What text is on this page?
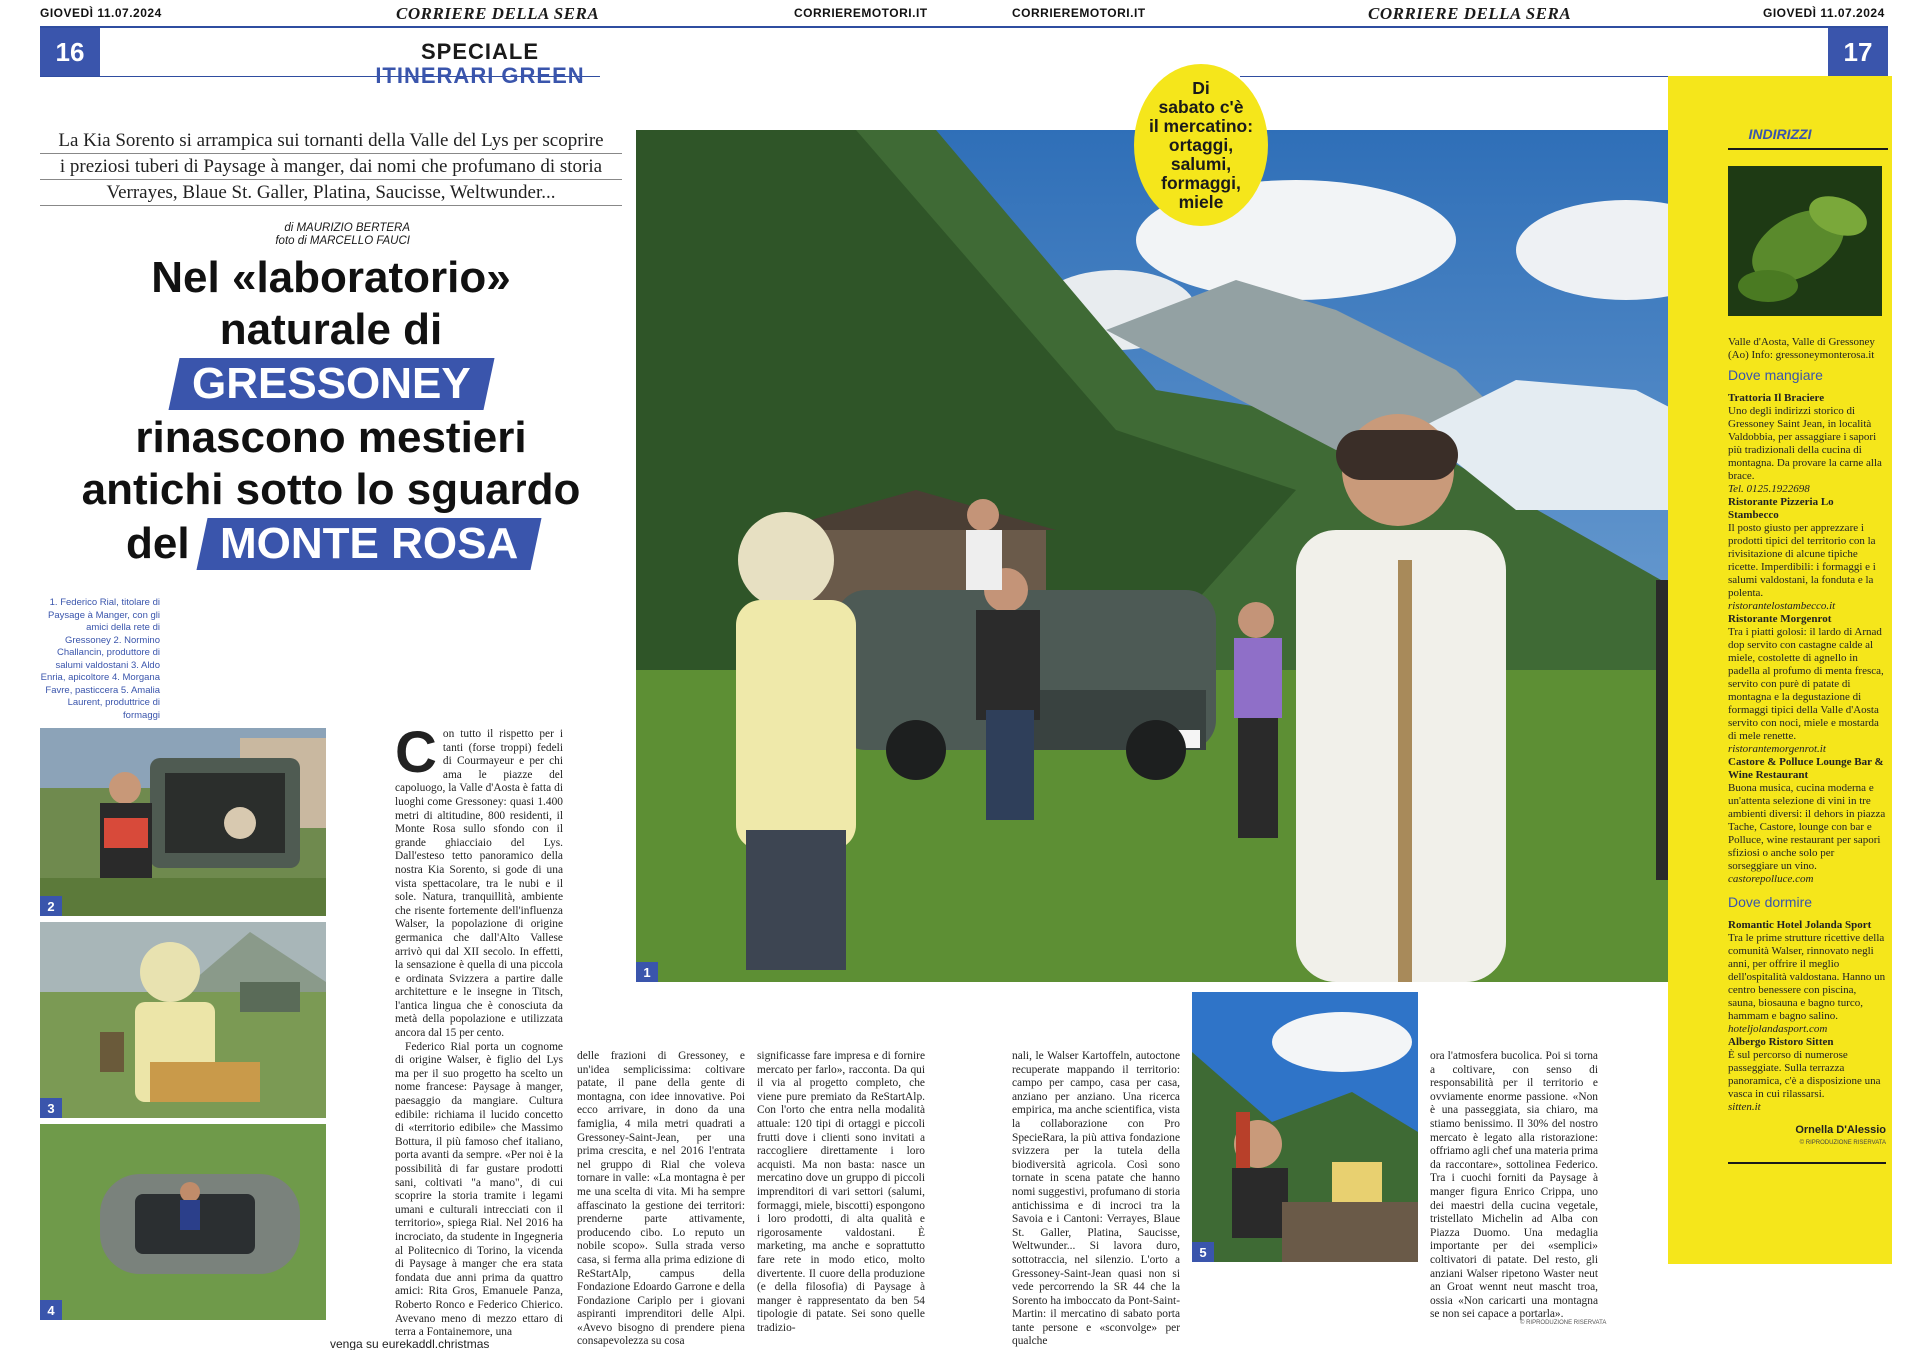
GIOVEDÌ 11.07.2024	CORRIERE DELLA SERA	CORRIEREMOTORI.IT	CORRIEREMOTORI.IT	CORRIERE DELLA SERA	GIOVEDÌ 11.07.2024
16	17
SPECIALE
ITINERARI GREEN
La Kia Sorento si arrampica sui tornanti della Valle del Lys per scoprire
i preziosi tuberi di Paysage à manger, dai nomi che profumano di storia
Verrayes, Blaue St. Galler, Platina, Saucisse, Weltwunder...
di MAURIZIO BERTERA
foto di MARCELLO FAUCI
Nel «laboratorio»
naturale di
GRESSONEY
rinascono mestieri
antichi sotto lo sguardo
del MONTE ROSA
1. Federico Rial, titolare di Paysage à Manger, con gli amici della rete di Gressoney 2. Normino Challancin, produttore di salumi valdostani 3. Aldo Enria, apicoltore 4. Morgana Favre, pasticcera 5. Amalia Laurent, produttrice di formaggi
2
3
4
1
Di
sabato c'è
il mercatino:
ortaggi,
salumi,
formaggi,
miele
C on tutto il rispetto per i tanti (forse troppi) fedeli di Courmayeur e per chi ama le piazze del capoluogo, la Valle d'Aosta è fatta di luoghi come Gressoney: quasi 1.400 metri di altitudine, 800 residenti, il Monte Rosa sullo sfondo con il grande ghiacciaio del Lys. Dall'esteso tetto panoramico della nostra Kia Sorento, si gode di una vista spettacolare, tra le nubi e il sole. Natura, tranquillità, ambiente che risente fortemente dell'influenza Walser, la popolazione di origine germanica che dall'Alto Vallese arrivò qui dal XII secolo. In effetti, la sensazione è quella di una piccola e ordinata Svizzera a partire dalle architetture e le insegne in Titsch, l'antica lingua che è conosciuta da metà della popolazione e utilizzata ancora dal 15 per cento.

Federico Rial porta un cognome di origine Walser, è figlio del Lys ma per il suo progetto ha scelto un nome francese: Paysage à manger, paesaggio da mangiare. Cultura edibile: richiama il lucido concetto di «territorio edibile» che Massimo Bottura, il più famoso chef italiano, porta avanti da sempre. «Per noi è la possibilità di far gustare prodotti sani, coltivati "a mano", di cui scoprire la storia tramite i legami umani e culturali intrecciati con il territorio», spiega Rial. Nel 2016 ha incrociato, da studente in Ingegneria al Politecnico di Torino, la vicenda di Paysage à manger che era stata fondata due anni prima da quattro amici: Rita Gros, Emanuele Panza, Roberto Ronco e Federico Chierico. Avevano meno di mezzo ettaro di terra a Fontainemore, una

delle frazioni di Gressoney, e un'idea semplicissima: coltivare patate, il pane della gente di montagna, con idee innovative. Poi ecco arrivare, in dono da una famiglia, 4 mila metri quadrati a Gressoney-Saint-Jean, per una prima crescita, e nel 2016 l'entrata nel gruppo di Rial che voleva tornare in valle: «La montagna è per me una scelta di vita. Mi ha sempre affascinato la gestione dei territori: prenderne parte attivamente, producendo cibo. Lo reputo un nobile scopo». Sulla strada verso casa, si ferma alla prima edizione di ReStartAlp, campus della Fondazione Edoardo Garrone e della Fondazione Cariplo per i giovani aspiranti imprenditori delle Alpi. «Avevo bisogno di prendere piena consapevolezza su cosa

significasse fare impresa e di fornire mercato per farlo», racconta. Da qui il via al progetto completo, che viene pure premiato da ReStartAlp. Con l'orto che entra nella modalità attuale: 120 tipi di ortaggi e piccoli frutti dove i clienti sono invitati a raccogliere direttamente i loro acquisti. Ma non basta: nasce un mercatino dove un gruppo di piccoli imprenditori di vari settori (salumi, formaggi, miele, biscotti) espongono i loro prodotti, di alta qualità e rigorosamente valdostani. È marketing, ma anche e soprattutto fare rete in modo etico, molto divertente. Il cuore della produzione (e della filosofia) di Paysage à manger è rappresentato da ben 54 tipologie di patate. Sei sono quelle tradizio-

nali, le Walser Kartoffeln, autoctone recuperate mappando il territorio: campo per campo, casa per casa, anziano per anziano. Una ricerca empirica, ma anche scientifica, vista la collaborazione con Pro SpecieRara, la più attiva fondazione svizzera per la tutela della biodiversità agricola. Così sono tornate in scena patate che hanno nomi suggestivi, profumano di storia antichissima e di incroci tra la Savoia e i Cantoni: Verrayes, Blaue St. Galler, Platina, Saucisse, Weltwunder... Si lavora duro, sottotraccia, nel silenzio. L'orto a Gressoney-Saint-Jean quasi non si vede percorrendo la SR 44 che la Sorento ha imboccato da Pont-Saint-Martin: il mercatino di sabato porta tante persone e «sconvolge» per qualche

5

ora l'atmosfera bucolica. Poi si torna a coltivare, con senso di responsabilità per il territorio e ovviamente enorme passione. «Non è una passeggiata, sia chiaro, ma stiamo benissimo. Il 30% del nostro mercato è legato alla ristorazione: offriamo agli chef una materia prima da raccontare», sottolinea Federico. Tra i cuochi forniti da Paysage à manger figura Enrico Crippa, uno dei maestri della cucina vegetale, tristellato Michelin ad Alba con Piazza Duomo. Una medaglia importante per dei «semplici» coltivatori di patate. Del resto, gli anziani Walser ripetono Waster neut an Groat wennt neut mascht troa, ossia «Non caricarti una montagna se non sei capace a portarla».

© RIPRODUZIONE RISERVATA
INDIRIZZI
Valle d'Aosta, Valle di Gressoney (Ao) Info: gressoneymonterosa.it
Dove mangiare
Trattoria Il Braciere
Uno degli indirizzi storico di Gressoney Saint Jean, in località Valdobbia, per assaggiare i sapori più tradizionali della cucina di montagna. Da provare la carne alla brace.
Tel. 0125.1922698
Ristorante Pizzeria Lo Stambecco
Il posto giusto per apprezzare i prodotti tipici del territorio con la rivisitazione di alcune tipiche ricette. Imperdibili: i formaggi e i salumi valdostani, la fonduta e la polenta.
ristorantelostambecco.it
Ristorante Morgenrot
Tra i piatti golosi: il lardo di Arnad dop servito con castagne calde al miele, costolette di agnello in padella al profumo di menta fresca, servito con purè di patate di montagna e la degustazione di formaggi tipici della Valle d'Aosta servito con noci, miele e mostarda di mele renette.
ristorantemorgenrot.it
Castore & Polluce Lounge Bar & Wine Restaurant
Buona musica, cucina moderna e un'attenta selezione di vini in tre ambienti diversi: il dehors in piazza Tache, Castore, lounge con bar e Polluce, wine restaurant per sapori sfiziosi o anche solo per sorseggiare un vino.
castorepolluce.com
Dove dormire
Romantic Hotel Jolanda Sport
Tra le prime strutture ricettive della comunità Walser, rinnovato negli anni, per offrire il meglio dell'ospitalità valdostana. Hanno un centro benessere con piscina, sauna, biosauna e bagno turco, hammam e bagno salino.
hoteljolandasport.com
Albergo Ristoro Sitten
È sul percorso di numerose passeggiate. Sulla terrazza panoramica, c'è a disposizione una vasca in cui rilassarsi.
sitten.it
Ornella D'Alessio
© RIPRODUZIONE RISERVATA
venga su eurekaddl.christmas
